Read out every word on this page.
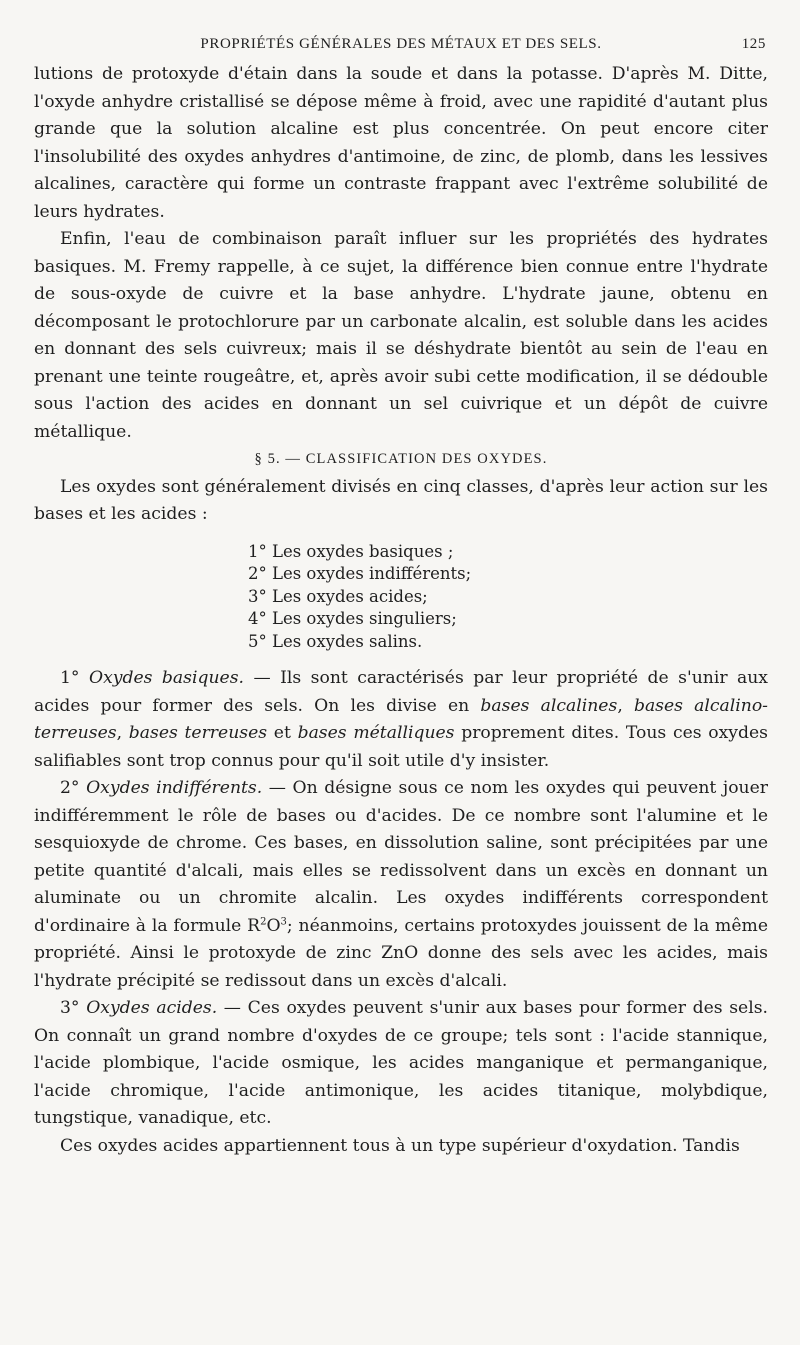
PROPRIÉTÉS GÉNÉRALES DES MÉTAUX ET DES SELS.	125

lutions de protoxyde d'étain dans la soude et dans la potasse. D'après M. Ditte, l'oxyde anhydre cristallisé se dépose même à froid, avec une rapidité d'autant plus grande que la solution alcaline est plus concentrée. On peut encore citer l'insolubilité des oxydes anhydres d'antimoine, de zinc, de plomb, dans les lessives alcalines, caractère qui forme un contraste frappant avec l'extrême solubilité de leurs hydrates.

Enfin, l'eau de combinaison paraît influer sur les propriétés des hydrates basiques. M. Fremy rappelle, à ce sujet, la différence bien connue entre l'hydrate de sous-oxyde de cuivre et la base anhydre. L'hydrate jaune, obtenu en décomposant le protochlorure par un carbonate alcalin, est soluble dans les acides en donnant des sels cuivreux; mais il se déshydrate bientôt au sein de l'eau en prenant une teinte rougeâtre, et, après avoir subi cette modification, il se dédouble sous l'action des acides en donnant un sel cuivrique et un dépôt de cuivre métallique.

§ 5. — CLASSIFICATION DES OXYDES.

Les oxydes sont généralement divisés en cinq classes, d'après leur action sur les bases et les acides :

1° Les oxydes basiques ;
2° Les oxydes indifférents;
3° Les oxydes acides;
4° Les oxydes singuliers;
5° Les oxydes salins.

1° Oxydes basiques. — Ils sont caractérisés par leur propriété de s'unir aux acides pour former des sels. On les divise en bases alcalines, bases alcalino-terreuses, bases terreuses et bases métalliques proprement dites. Tous ces oxydes salifiables sont trop connus pour qu'il soit utile d'y insister.

2° Oxydes indifférents. — On désigne sous ce nom les oxydes qui peuvent jouer indifféremment le rôle de bases ou d'acides. De ce nombre sont l'alumine et le sesquioxyde de chrome. Ces bases, en dissolution saline, sont précipitées par une petite quantité d'alcali, mais elles se redissolvent dans un excès en donnant un aluminate ou un chromite alcalin. Les oxydes indifférents correspondent d'ordinaire à la formule $R^2O^3$; néanmoins, certains protoxydes jouissent de la même propriété. Ainsi le protoxyde de zinc ZnO donne des sels avec les acides, mais l'hydrate précipité se redissout dans un excès d'alcali.

3° Oxydes acides. — Ces oxydes peuvent s'unir aux bases pour former des sels. On connaît un grand nombre d'oxydes de ce groupe; tels sont : l'acide stannique, l'acide plombique, l'acide osmique, les acides manganique et permanganique, l'acide chromique, l'acide antimonique, les acides titanique, molybdique, tungstique, vanadique, etc.

Ces oxydes acides appartiennent tous à un type supérieur d'oxydation. Tandis
